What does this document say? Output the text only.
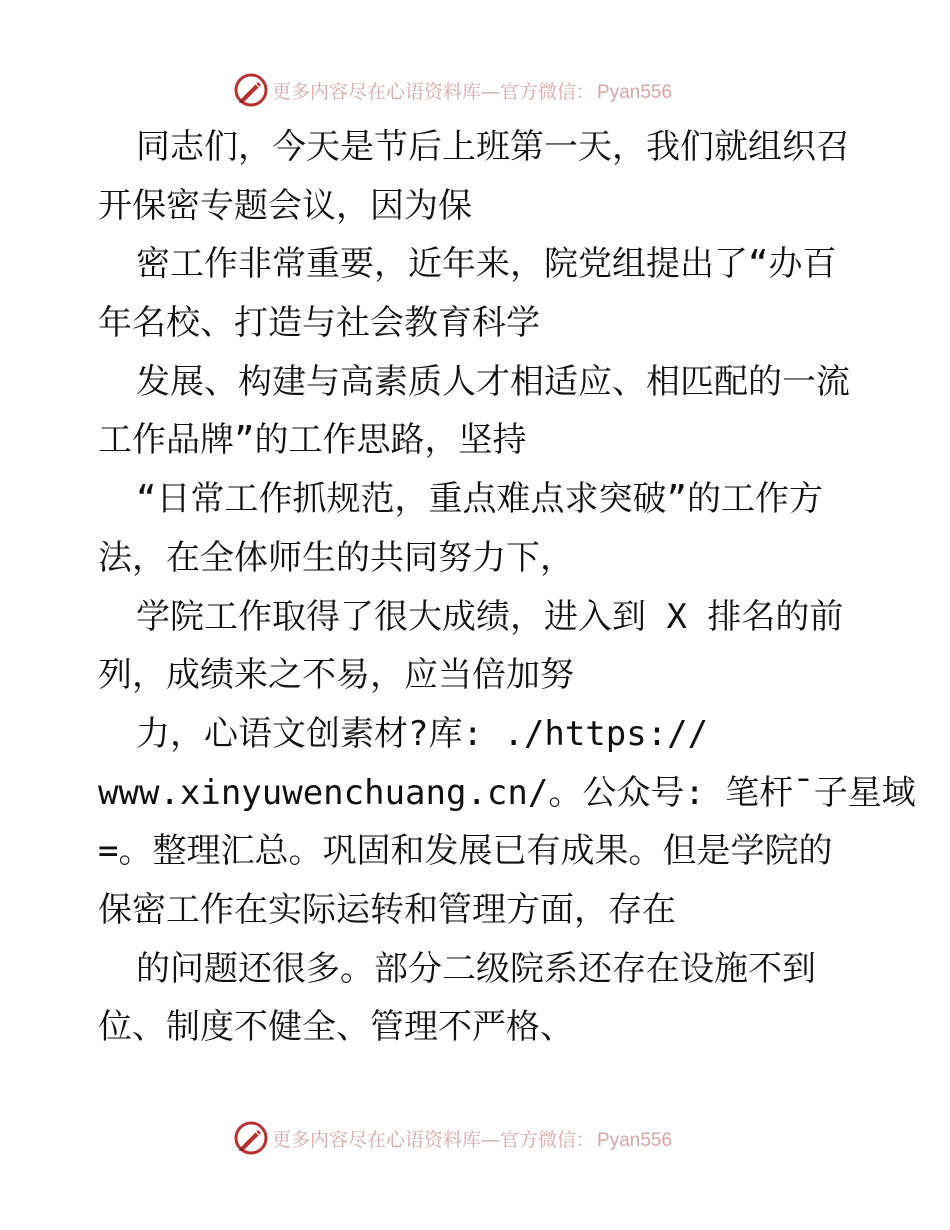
更多内容尽在心语资料库—官方微信： Pyan556
同志们，今天是节后上班第一天，我们就组织召
开保密专题会议，因为保
密工作非常重要，近年来，院党组提出了“办百
年名校、打造与社会教育科学
发展、构建与高素质人才相适应、相匹配的一流
工作品牌”的工作思路，坚持
“日常工作抓规范，重点难点求突破”的工作方
法，在全体师生的共同努力下，
学院工作取得了很大成绩，进入到 X 排名的前
列，成绩来之不易，应当倍加努
力，心语文创素材?库: ./https://
www.xinyuwenchuang.cn/。公众号: 笔杆¯子星域
=。整理汇总。巩固和发展已有成果。但是学院的
保密工作在实际运转和管理方面，存在
的问题还很多。部分二级院系还存在设施不到
位、制度不健全、管理不严格、
更多内容尽在心语资料库—官方微信： Pyan556
